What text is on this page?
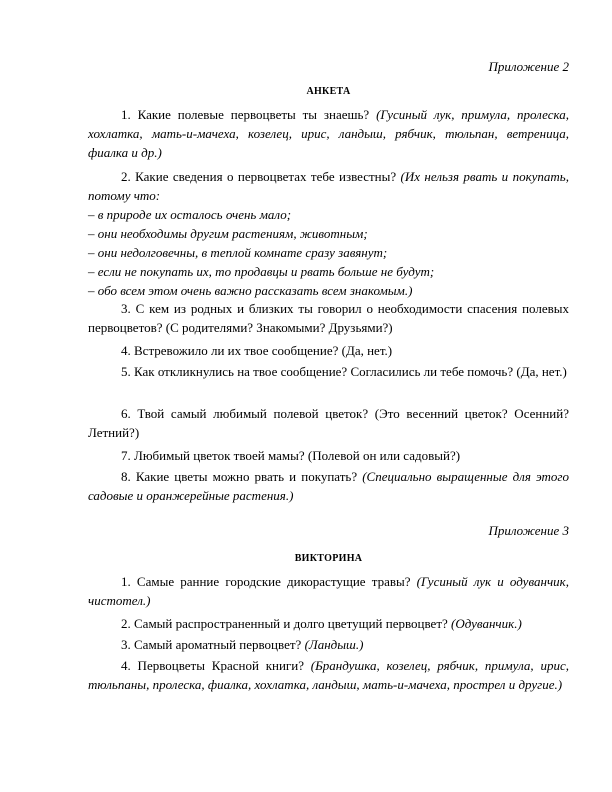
Приложение 2
АНКЕТА
1. Какие полевые первоцветы ты знаешь? (Гусиный лук, примула, пролеска, хохлатка, мать-и-мачеха, козелец, ирис, ландыш, рябчик, тюльпан, ветреница, фиалка и др.)
2. Какие сведения о первоцветах тебе известны? (Их нельзя рвать и покупать, потому что:
– в природе их осталось очень мало;
– они необходимы другим растениям, животным;
– они недолговечны, в теплой комнате сразу завянут;
– если не покупать их, то продавцы и рвать больше не будут;
– обо всем этом очень важно рассказать всем знакомым.)
3. С кем из родных и близких ты говорил о необходимости спасения полевых первоцветов? (С родителями? Знакомыми? Друзьями?)
4. Встревожило ли их твое сообщение? (Да, нет.)
5. Как откликнулись на твое сообщение? Согласились ли тебе помочь? (Да, нет.)
6. Твой самый любимый полевой цветок? (Это весенний цветок? Осенний? Летний?)
7. Любимый цветок твоей мамы? (Полевой он или садовый?)
8. Какие цветы можно рвать и покупать? (Специально выращенные для этого садовые и оранжерейные растения.)
Приложение 3
ВИКТОРИНА
1. Самые ранние городские дикорастущие травы? (Гусиный лук и одуванчик, чистотел.)
2. Самый распространенный и долго цветущий первоцвет? (Одуванчик.)
3. Самый ароматный первоцвет? (Ландыш.)
4. Первоцветы Красной книги? (Брандушка, козелец, рябчик, примула, ирис, тюльпаны, пролеска, фиалка, хохлатка, ландыш, мать-и-мачеха, прострел и другие.)
